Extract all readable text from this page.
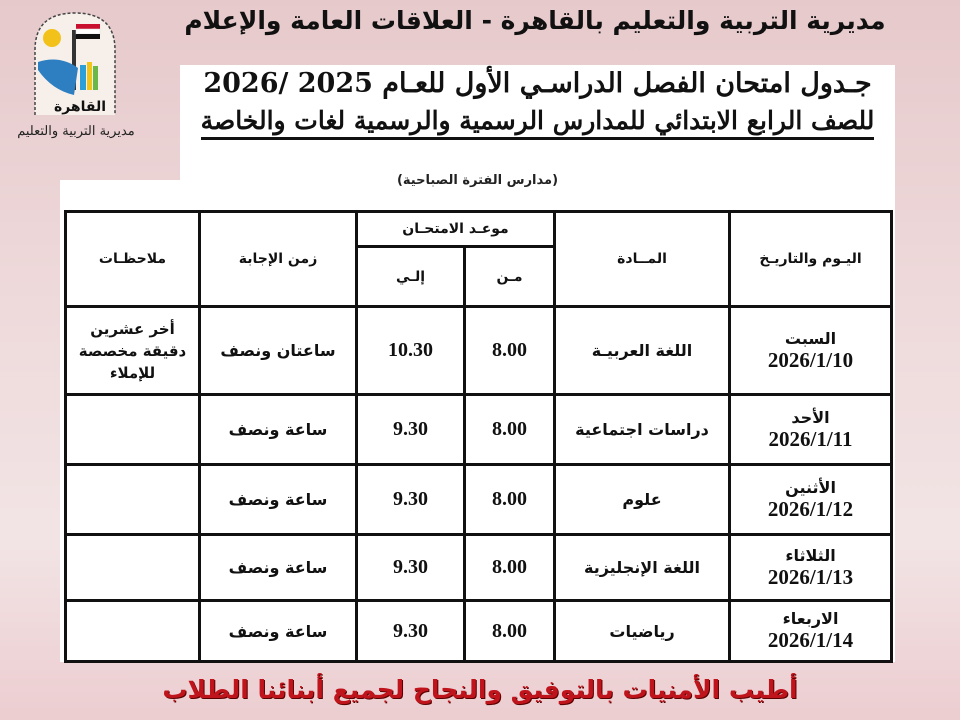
مديرية التربية والتعليم بالقاهرة - العلاقات العامة والإعلام
القاهرة
مديرية التربية والتعليم
جـدول امتحان الفصل الدراسـي الأول للعـام 2025 /2026
للصف الرابع الابتدائي للمدارس الرسمية والرسمية لغات والخاصة
(مدارس الفترة الصباحية)
اليـوم والتاريـخ	المــادة	موعـد الامتحـان		زمن الإجابة	ملاحظـات
		مـن	إلـي		

السبت
2026/1/10	اللغة العربيـة	8.00	10.30	ساعتان ونصف	أخر عشرين دقيقة مخصصة للإملاء

الأحد
2026/1/11	دراسات اجتماعية	8.00	9.30	ساعة ونصف	

الأثنين
2026/1/12	علوم	8.00	9.30	ساعة ونصف	

الثلاثاء
2026/1/13	اللغة الإنجليزية	8.00	9.30	ساعة ونصف	

الاربعاء
2026/1/14	رياضيات	8.00	9.30	ساعة ونصف	
أطيب الأمنيات بالتوفيق والنجاح لجميع أبنائنا الطلاب
